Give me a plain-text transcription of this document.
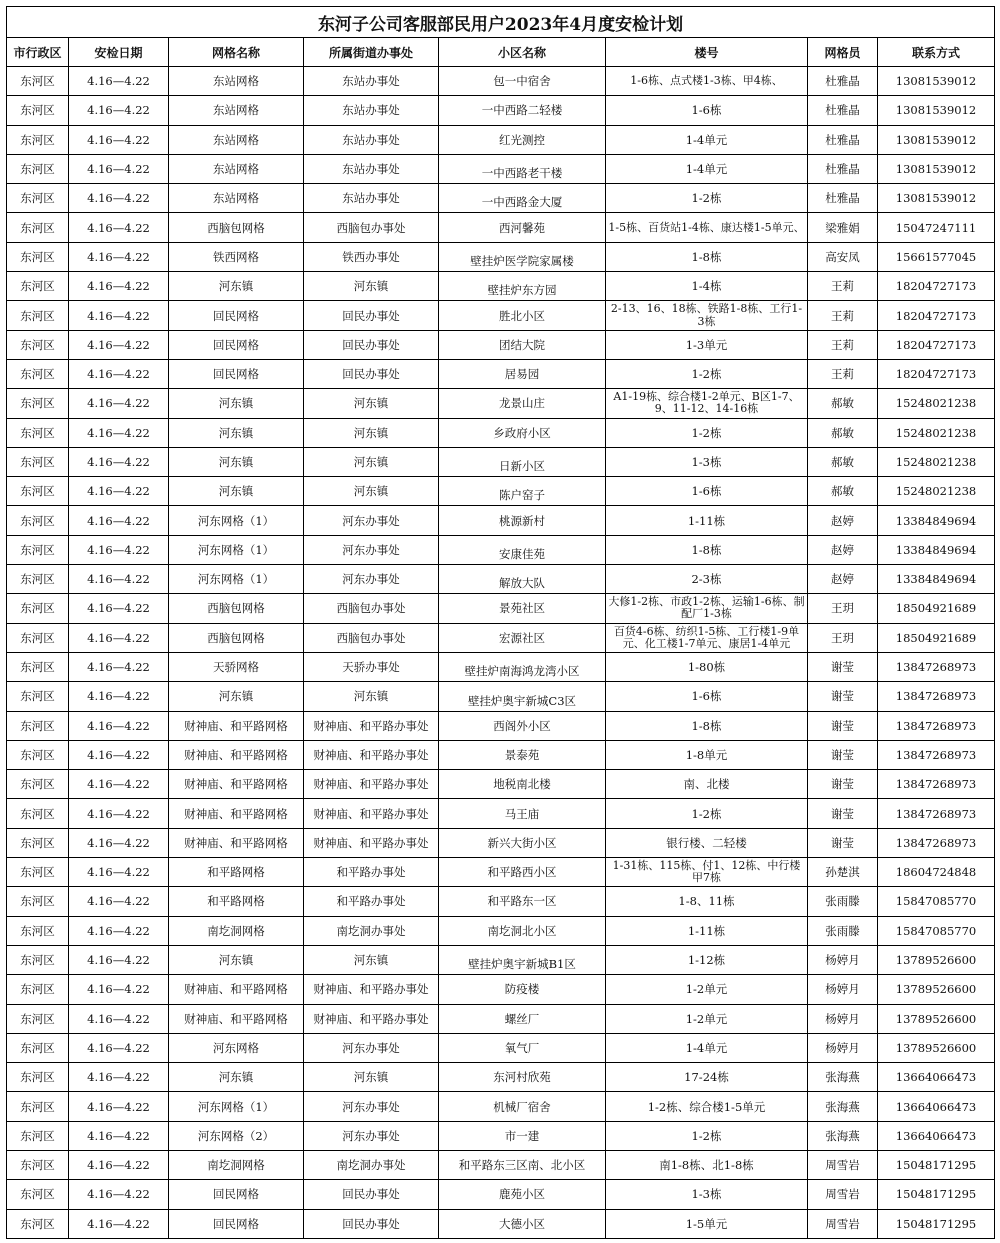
东河子公司客服部民用户2023年4月度安检计划							
市行政区	安检日期	网格名称	所属街道办事处	小区名称	楼号	网格员	联系方式
东河区	4.16—4.22	东站网格	东站办事处	包一中宿舍	1-6栋、点式楼1-3栋、甲4栋、	杜雅晶	13081539012
东河区	4.16—4.22	东站网格	东站办事处	一中西路二轻楼	1-6栋	杜雅晶	13081539012
东河区	4.16—4.22	东站网格	东站办事处	红光测控	1-4单元	杜雅晶	13081539012
东河区	4.16—4.22	东站网格	东站办事处	一中西路老干楼	1-4单元	杜雅晶	13081539012
东河区	4.16—4.22	东站网格	东站办事处	一中西路金大厦	1-2栋	杜雅晶	13081539012
东河区	4.16—4.22	西脑包网格	西脑包办事处	西河馨苑	1-5栋、百货站1-4栋、康达楼1-5单元、	梁雅娟	15047247111
东河区	4.16—4.22	铁西网格	铁西办事处	壁挂炉医学院家属楼	1-8栋	高安凤	15661577045
东河区	4.16—4.22	河东镇	河东镇	壁挂炉东方园	1-4栋	王莉	18204727173
东河区	4.16—4.22	回民网格	回民办事处	胜北小区	2-13、16、18栋、铁路1-8栋、工行1-3栋	王莉	18204727173
东河区	4.16—4.22	回民网格	回民办事处	团结大院	1-3单元	王莉	18204727173
东河区	4.16—4.22	回民网格	回民办事处	居易园	1-2栋	王莉	18204727173
东河区	4.16—4.22	河东镇	河东镇	龙景山庄	A1-19栋、综合楼1-2单元、B区1-7、9、11-12、14-16栋	郝敏	15248021238
东河区	4.16—4.22	河东镇	河东镇	乡政府小区	1-2栋	郝敏	15248021238
东河区	4.16—4.22	河东镇	河东镇	日新小区	1-3栋	郝敏	15248021238
东河区	4.16—4.22	河东镇	河东镇	陈户窑子	1-6栋	郝敏	15248021238
东河区	4.16—4.22	河东网格（1）	河东办事处	桃源新村	1-11栋	赵婷	13384849694
东河区	4.16—4.22	河东网格（1）	河东办事处	安康佳苑	1-8栋	赵婷	13384849694
东河区	4.16—4.22	河东网格（1）	河东办事处	解放大队	2-3栋	赵婷	13384849694
东河区	4.16—4.22	西脑包网格	西脑包办事处	景苑社区	大修1-2栋、市政1-2栋、运输1-6栋、制配厂1-3栋	王玥	18504921689
东河区	4.16—4.22	西脑包网格	西脑包办事处	宏源社区	百货4-6栋、纺织1-5栋、工行楼1-9单元、化工楼1-7单元、康居1-4单元	王玥	18504921689
东河区	4.16—4.22	天骄网格	天骄办事处	壁挂炉南海鸿龙湾小区	1-80栋	谢莹	13847268973
东河区	4.16—4.22	河东镇	河东镇	壁挂炉奥宇新城C3区	1-6栋	谢莹	13847268973
东河区	4.16—4.22	财神庙、和平路网格	财神庙、和平路办事处	西阁外小区	1-8栋	谢莹	13847268973
东河区	4.16—4.22	财神庙、和平路网格	财神庙、和平路办事处	景泰苑	1-8单元	谢莹	13847268973
东河区	4.16—4.22	财神庙、和平路网格	财神庙、和平路办事处	地税南北楼	南、北楼	谢莹	13847268973
东河区	4.16—4.22	财神庙、和平路网格	财神庙、和平路办事处	马王庙	1-2栋	谢莹	13847268973
东河区	4.16—4.22	财神庙、和平路网格	财神庙、和平路办事处	新兴大街小区	银行楼、二轻楼	谢莹	13847268973
东河区	4.16—4.22	和平路网格	和平路办事处	和平路西小区	1-31栋、115栋、付1、12栋、中行楼甲7栋	孙楚淇	18604724848
东河区	4.16—4.22	和平路网格	和平路办事处	和平路东一区	1-8、11栋	张雨滕	15847085770
东河区	4.16—4.22	南圪洞网格	南圪洞办事处	南圪洞北小区	1-11栋	张雨滕	15847085770
东河区	4.16—4.22	河东镇	河东镇	壁挂炉奥宇新城B1区	1-12栋	杨婷月	13789526600
东河区	4.16—4.22	财神庙、和平路网格	财神庙、和平路办事处	防疫楼	1-2单元	杨婷月	13789526600
东河区	4.16—4.22	财神庙、和平路网格	财神庙、和平路办事处	螺丝厂	1-2单元	杨婷月	13789526600
东河区	4.16—4.22	河东网格	河东办事处	氧气厂	1-4单元	杨婷月	13789526600
东河区	4.16—4.22	河东镇	河东镇	东河村欣苑	17-24栋	张海燕	13664066473
东河区	4.16—4.22	河东网格（1）	河东办事处	机械厂宿舍	1-2栋、综合楼1-5单元	张海燕	13664066473
东河区	4.16—4.22	河东网格（2）	河东办事处	市一建	1-2栋	张海燕	13664066473
东河区	4.16—4.22	南圪洞网格	南圪洞办事处	和平路东三区南、北小区	南1-8栋、北1-8栋	周雪岩	15048171295
东河区	4.16—4.22	回民网格	回民办事处	鹿苑小区	1-3栋	周雪岩	15048171295
东河区	4.16—4.22	回民网格	回民办事处	大德小区	1-5单元	周雪岩	15048171295
